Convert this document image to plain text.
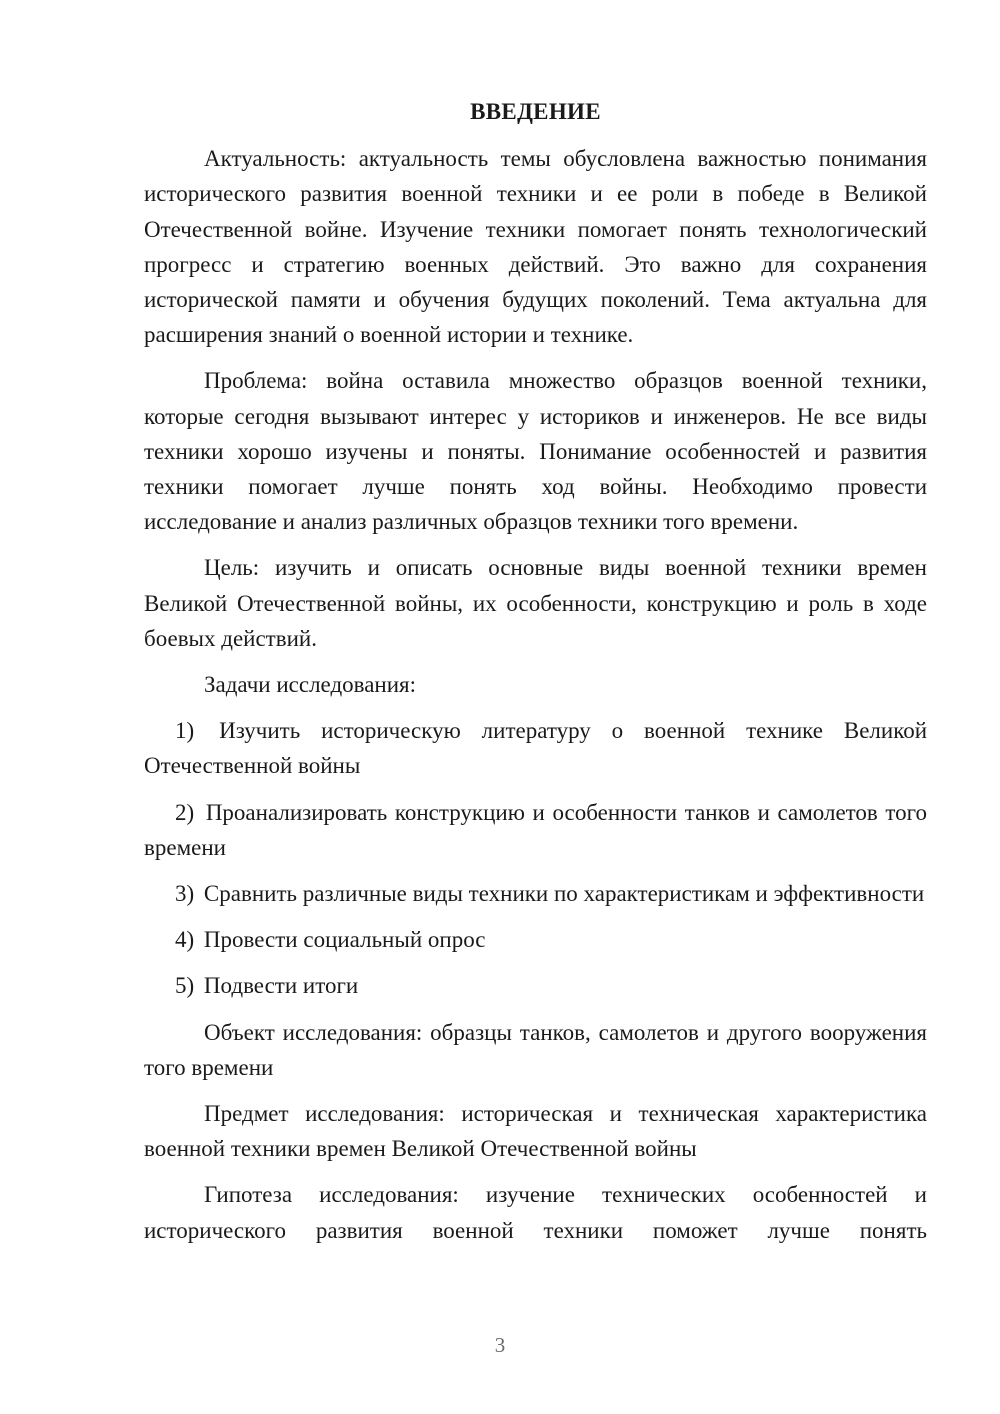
ВВЕДЕНИЕ

Актуальность: актуальность темы обусловлена важностью понимания исторического развития военной техники и ее роли в победе в Великой Отечественной войне. Изучение техники помогает понять технологический прогресс и стратегию военных действий. Это важно для сохранения исторической памяти и обучения будущих поколений. Тема актуальна для расширения знаний о военной истории и технике.

Проблема: война оставила множество образцов военной техники, которые сегодня вызывают интерес у историков и инженеров. Не все виды техники хорошо изучены и поняты. Понимание особенностей и развития техники помогает лучше понять ход войны. Необходимо провести исследование и анализ различных образцов техники того времени.

Цель: изучить и описать основные виды военной техники времен Великой Отечественной войны, их особенности, конструкцию и роль в ходе боевых действий.

Задачи исследования:

1) Изучить историческую литературу о военной технике Великой Отечественной войны

2) Проанализировать конструкцию и особенности танков и самолетов того времени

3) Сравнить различные виды техники по характеристикам и эффективности

4) Провести социальный опрос

5) Подвести итоги

Объект исследования: образцы танков, самолетов и другого вооружения того времени

Предмет исследования: историческая и техническая характеристика военной техники времен Великой Отечественной войны

Гипотеза исследования: изучение технических особенностей и исторического развития военной техники поможет лучше понять

3
